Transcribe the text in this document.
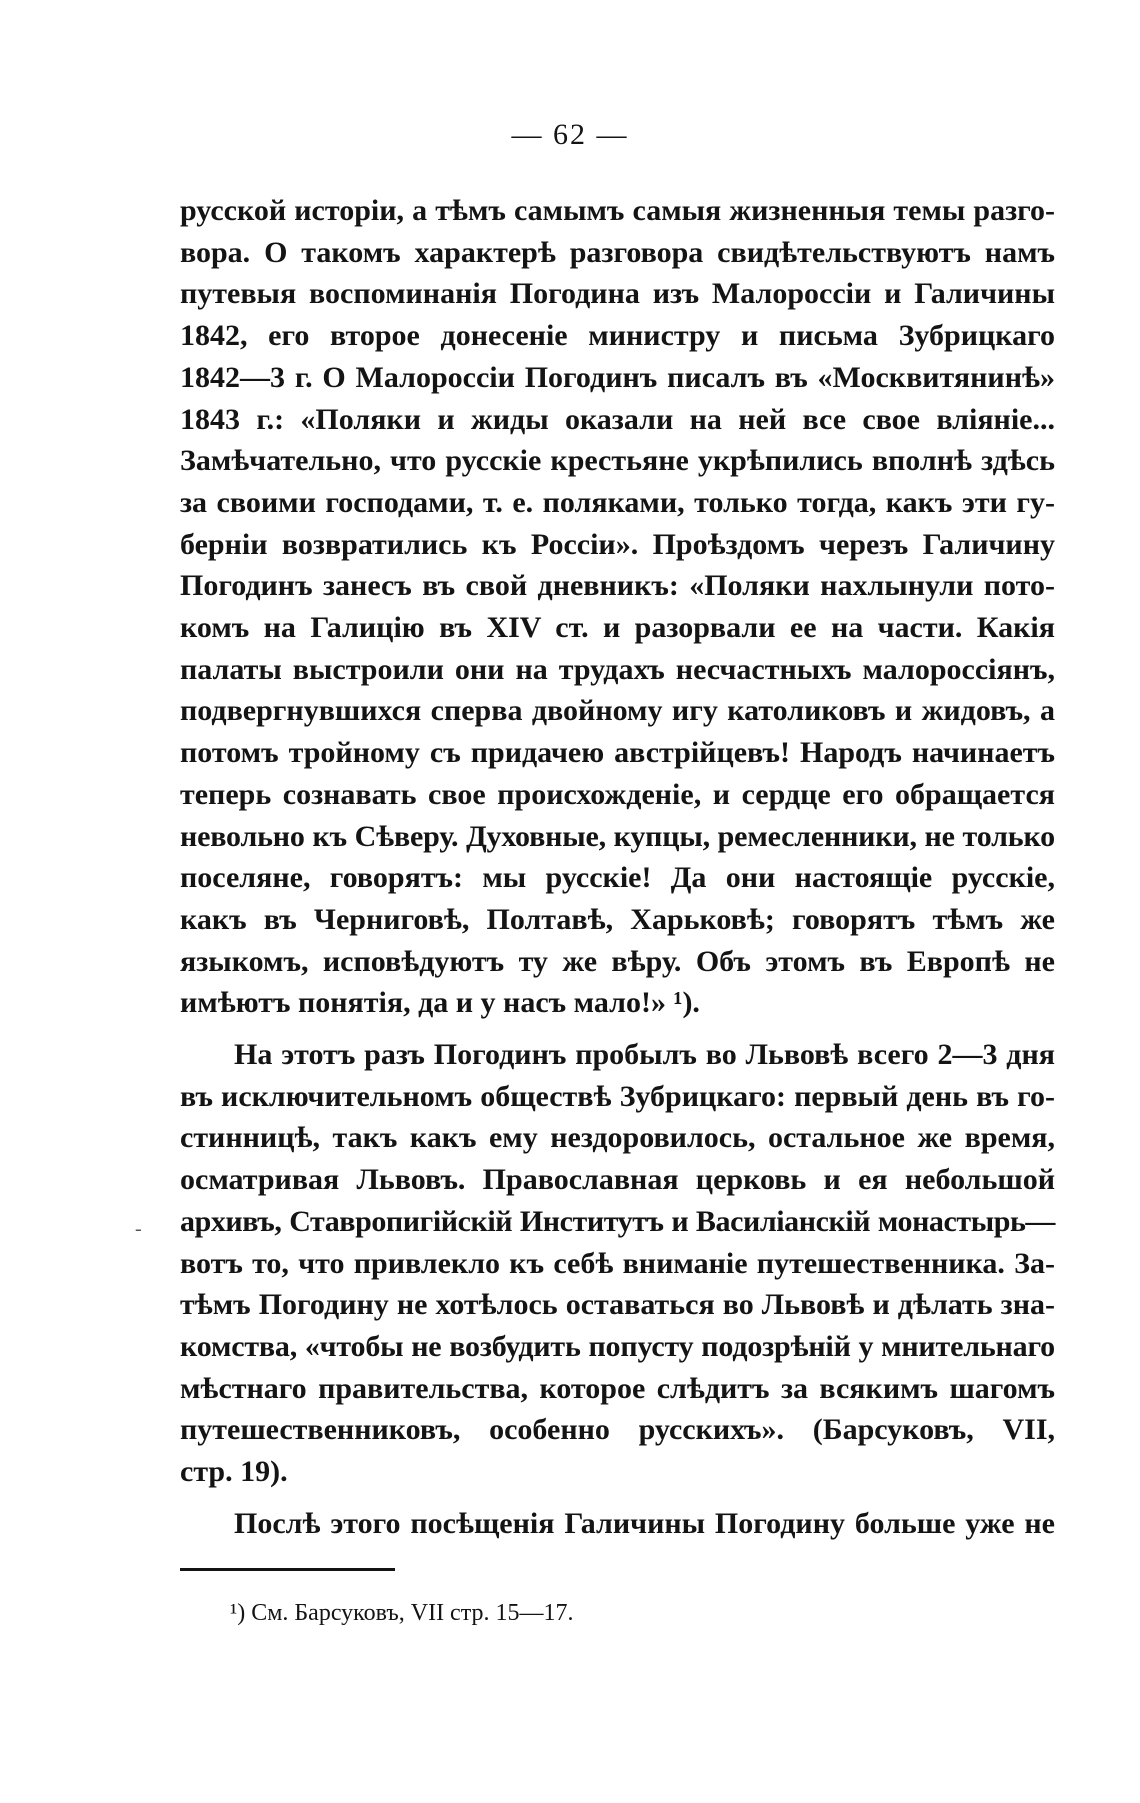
— 62 —
русской исторіи, а тѣмъ самымъ самыя жизненныя темы разго-
вора. О такомъ характерѣ разговора свидѣтельствуютъ намъ
путевыя воспоминанія Погодина изъ Малороссіи и Галичины
1842, его второе донесеніе министру и письма Зубрицкаго
1842—3 г. О Малороссіи Погодинъ писалъ въ «Москвитянинѣ»
1843 г.: «Поляки и жиды оказали на ней все свое вліяніе...
Замѣчательно, что русскіе крестьяне укрѣпились вполнѣ здѣсь
за своими господами, т. е. поляками, только тогда, какъ эти гу-
берніи возвратились къ Россіи». Проѣздомъ черезъ Галичину
Погодинъ занесъ въ свой дневникъ: «Поляки нахлынули пото-
комъ на Галицію въ XIV ст. и разорвали ее на части. Какія
палаты выстроили они на трудахъ несчастныхъ малороссіянъ,
подвергнувшихся сперва двойному игу католиковъ и жидовъ, а
потомъ тройному съ придачею австрійцевъ! Народъ начинаетъ
теперь сознавать свое происхожденіе, и сердце его обращается
невольно къ Сѣверу. Духовные, купцы, ремесленники, не только
поселяне, говорятъ: мы русскіе! Да они настоящіе русскіе,
какъ въ Черниговѣ, Полтавѣ, Харьковѣ; говорятъ тѣмъ же
языкомъ, исповѣдуютъ ту же вѣру. Объ этомъ въ Европѣ не
имѣютъ понятія, да и у насъ мало!» ¹).
На этотъ разъ Погодинъ пробылъ во Львовѣ всего 2—3 дня
въ исключительномъ обществѣ Зубрицкаго: первый день въ го-
стинницѣ, такъ какъ ему нездоровилось, остальное же время,
осматривая Львовъ. Православная церковь и ея небольшой
архивъ, Ставропигійскій Институтъ и Василіанскій монастырь—
вотъ то, что привлекло къ себѣ вниманіе путешественника. За-
тѣмъ Погодину не хотѣлось оставаться во Львовѣ и дѣлать зна-
комства, «чтобы не возбудить попусту подозрѣній у мнительнаго
мѣстнаго правительства, которое слѣдитъ за всякимъ шагомъ
путешественниковъ, особенно русскихъ». (Барсуковъ, VII,
стр. 19).
Послѣ этого посѣщенія Галичины Погодину больше уже не
¹) См. Барсуковъ, VII стр. 15—17.
-
